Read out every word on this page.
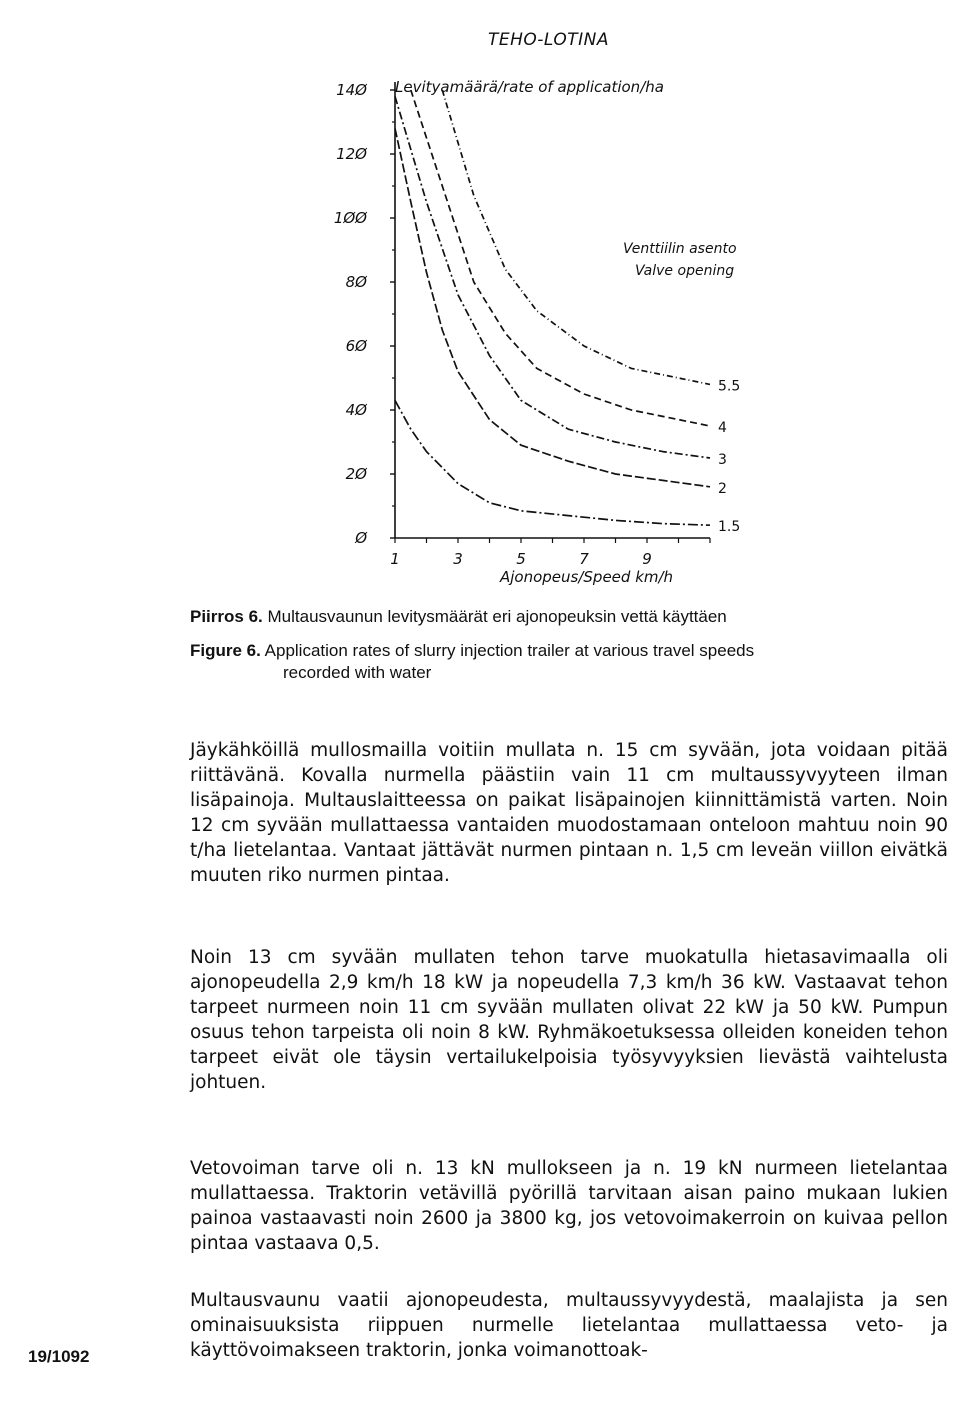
TEHO-LOTINA
Ø
2Ø
4Ø
6Ø
8Ø
1ØØ
12Ø
14Ø
1	3	5	7	9
5.5
4
3
2
1.5
Levityamäärä/rate of application/ha
Venttiilin asento
Valve opening
Ajonopeus/Speed km/h
Piirros 6. Multausvaunun levitysmäärät eri ajonopeuksin vettä käyttäen
Figure 6. Application rates of slurry injection trailer at various travel speeds
recorded with water

Jäykähköillä mullosmailla voitiin mullata n. 15 cm syvään, jota voidaan pitää riittävänä. Kovalla nurmella päästiin vain 11 cm multaussyvyyteen ilman lisäpainoja. Multauslaitteessa on paikat lisäpainojen kiinnittämistä varten. Noin 12 cm syvään mullattaessa vantaiden muodostamaan onteloon mahtuu noin 90 t/ha lietelantaa. Vantaat jättävät nurmen pintaan n. 1,5 cm leveän viillon eivätkä muuten riko nurmen pintaa.

Noin 13 cm syvään mullaten tehon tarve muokatulla hietasavimaalla oli ajonopeudella 2,9 km/h 18 kW ja nopeudella 7,3 km/h 36 kW. Vastaavat tehon tarpeet nurmeen noin 11 cm syvään mullaten olivat 22 kW ja 50 kW. Pumpun osuus tehon tarpeista oli noin 8 kW. Ryhmäkoetuksessa olleiden koneiden tehon tarpeet eivät ole täysin vertailukelpoisia työsyvyyksien lievästä vaihtelusta johtuen.

Vetovoiman tarve oli n. 13 kN mullokseen ja n. 19 kN nurmeen lietelantaa mullattaessa. Traktorin vetävillä pyörillä tarvitaan aisan paino mukaan lukien painoa vastaavasti noin 2600 ja 3800 kg, jos vetovoimakerroin on kuivaa pellon pintaa vastaava 0,5.

Multausvaunu vaatii ajonopeudesta, multaussyvyydestä, maalajista ja sen ominaisuuksista riippuen nurmelle lietelantaa mullattaessa veto- ja käyttövoimakseen traktorin, jonka voimanottoak-

19/1092
